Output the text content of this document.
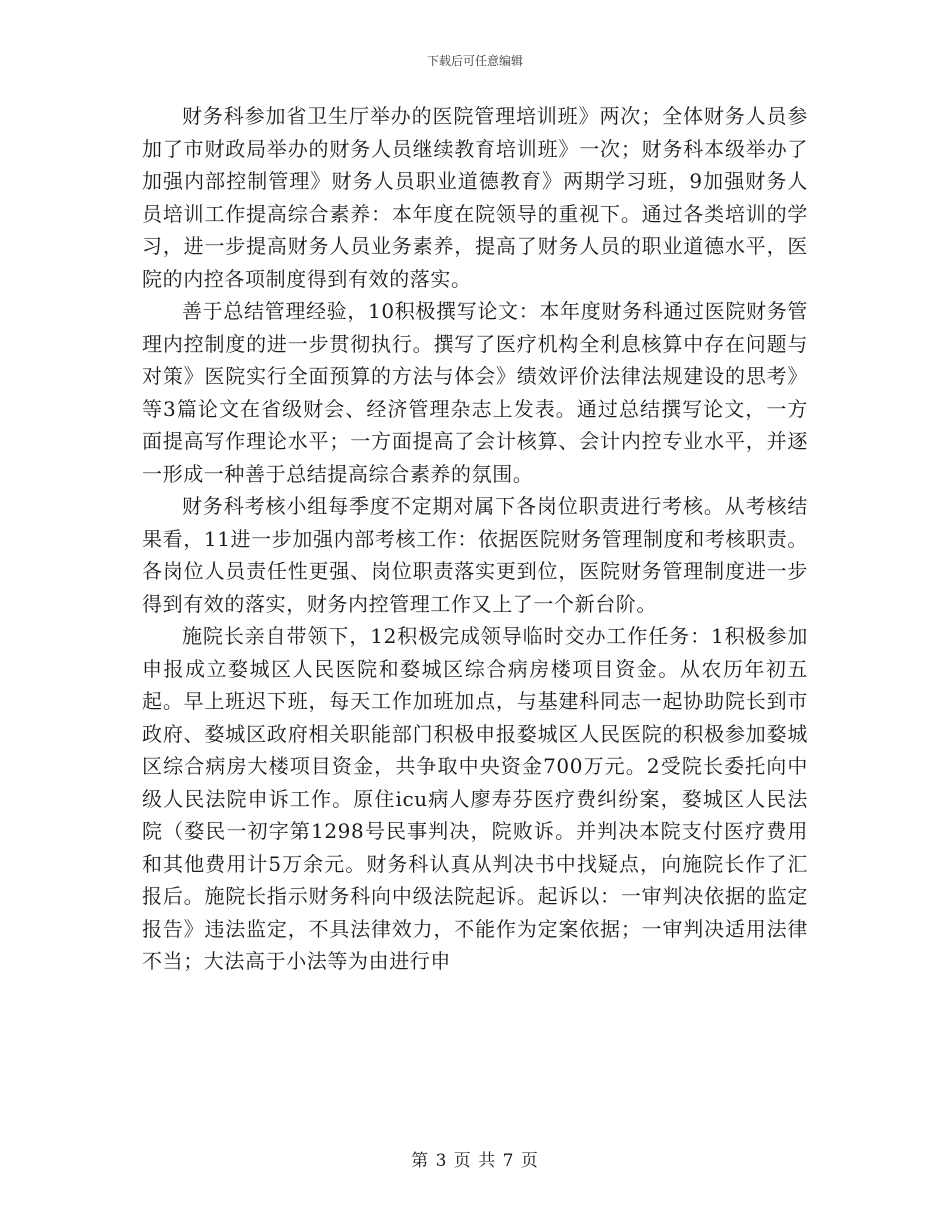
下载后可任意编辑

财务科参加省卫生厅举办的医院管理培训班》两次；全体财务人员参加了市财政局举办的财务人员继续教育培训班》一次；财务科本级举办了加强内部控制管理》财务人员职业道德教育》两期学习班，9加强财务人员培训工作提高综合素养：本年度在院领导的重视下。通过各类培训的学习，进一步提高财务人员业务素养，提高了财务人员的职业道德水平，医院的内控各项制度得到有效的落实。

善于总结管理经验，10积极撰写论文：本年度财务科通过医院财务管理内控制度的进一步贯彻执行。撰写了医疗机构全利息核算中存在问题与对策》医院实行全面预算的方法与体会》绩效评价法律法规建设的思考》等3篇论文在省级财会、经济管理杂志上发表。通过总结撰写论文，一方面提高写作理论水平；一方面提高了会计核算、会计内控专业水平，并逐一形成一种善于总结提高综合素养的氛围。

财务科考核小组每季度不定期对属下各岗位职责进行考核。从考核结果看，11进一步加强内部考核工作：依据医院财务管理制度和考核职责。各岗位人员责任性更强、岗位职责落实更到位，医院财务管理制度进一步得到有效的落实，财务内控管理工作又上了一个新台阶。

施院长亲自带领下，12积极完成领导临时交办工作任务：1积极参加申报成立婺城区人民医院和婺城区综合病房楼项目资金。从农历年初五起。早上班迟下班，每天工作加班加点，与基建科同志一起协助院长到市政府、婺城区政府相关职能部门积极申报婺城区人民医院的积极参加婺城区综合病房大楼项目资金，共争取中央资金700万元。2受院长委托向中级人民法院申诉工作。原住icu病人廖寿芬医疗费纠纷案，婺城区人民法院（婺民一初字第1298号民事判决，院败诉。并判决本院支付医疗费用和其他费用计5万余元。财务科认真从判决书中找疑点，向施院长作了汇报后。施院长指示财务科向中级法院起诉。起诉以：一审判决依据的监定报告》违法监定，不具法律效力，不能作为定案依据；一审判决适用法律不当；大法高于小法等为由进行申

第 3 页 共 7 页
